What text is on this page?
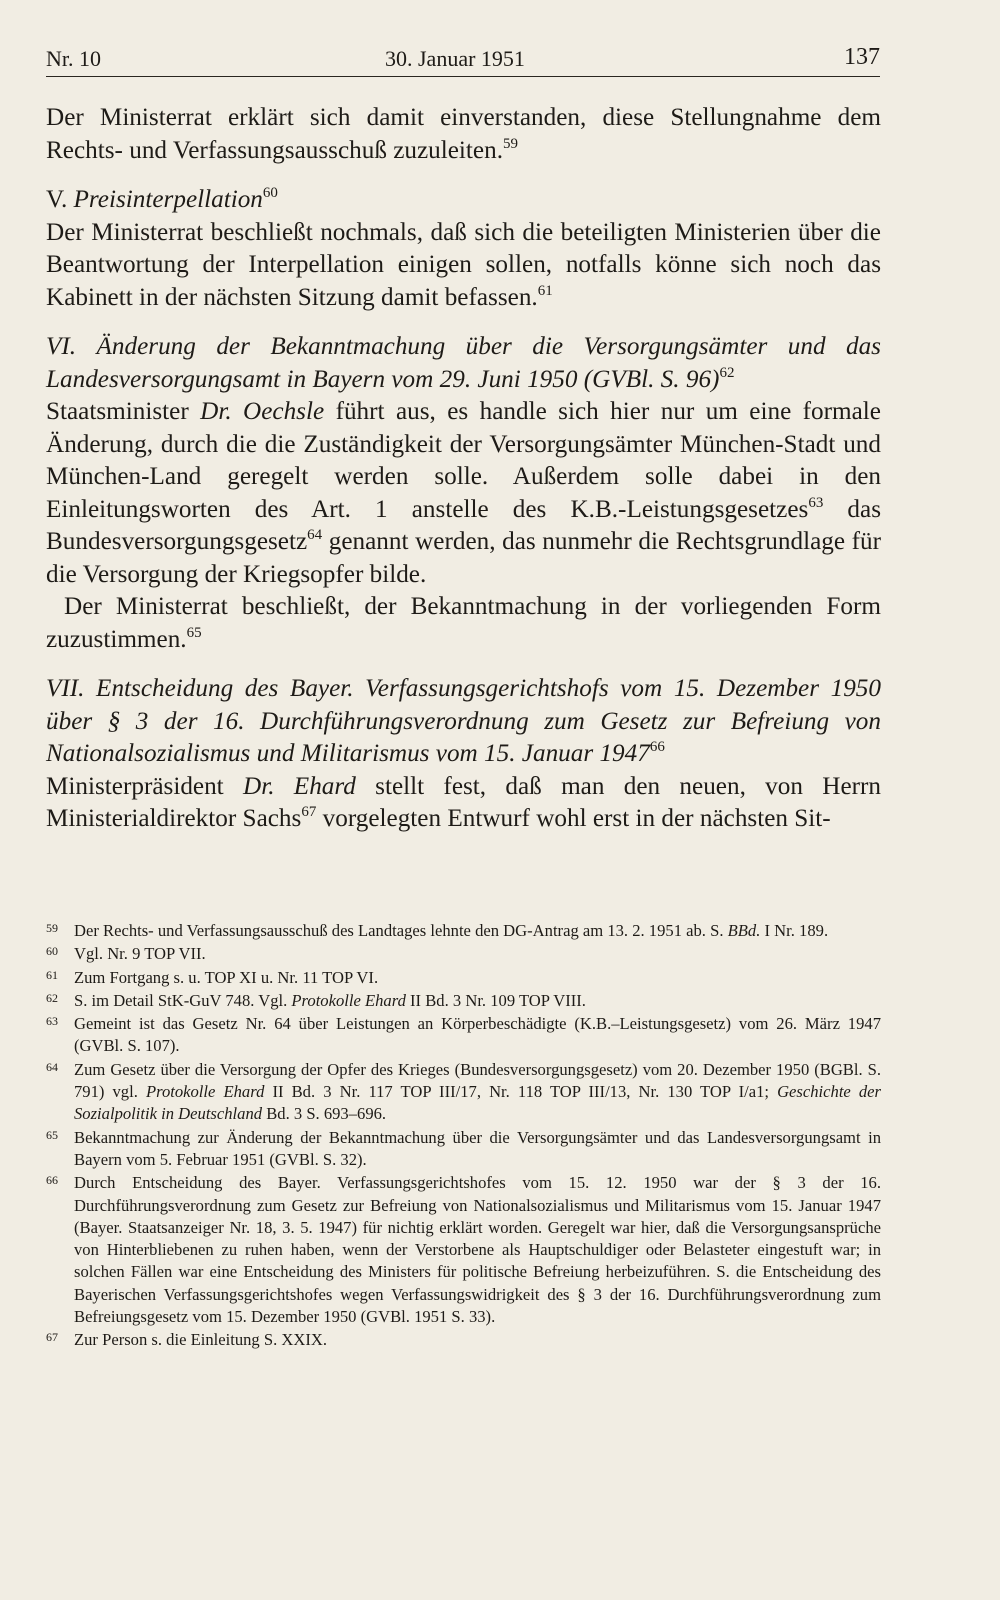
Nr. 10	30. Januar 1951	137

Der Ministerrat erklärt sich damit einverstanden, diese Stellungnahme dem Rechts- und Verfassungsausschuß zuzuleiten.$^{59}$

V. Preisinterpellation$^{60}$

Der Ministerrat beschließt nochmals, daß sich die beteiligten Ministerien über die Beantwortung der Interpellation einigen sollen, notfalls könne sich noch das Kabinett in der nächsten Sitzung damit befassen.$^{61}$

VI. Änderung der Bekanntmachung über die Versorgungsämter und das Landesversorgungsamt in Bayern vom 29. Juni 1950 (GVBl. S. 96)$^{62}$

Staatsminister Dr. Oechsle führt aus, es handle sich hier nur um eine formale Änderung, durch die die Zuständigkeit der Versorgungsämter München-Stadt und München-Land geregelt werden solle. Außerdem solle dabei in den Einleitungsworten des Art. 1 anstelle des K.B.-Leistungsgesetzes$^{63}$ das Bundesversorgungsgesetz$^{64}$ genannt werden, das nunmehr die Rechtsgrundlage für die Versorgung der Kriegsopfer bilde.

Der Ministerrat beschließt, der Bekanntmachung in der vorliegenden Form zuzustimmen.$^{65}$

VII. Entscheidung des Bayer. Verfassungsgerichtshofs vom 15. Dezember 1950 über § 3 der 16. Durchführungsverordnung zum Gesetz zur Befreiung von Nationalsozialismus und Militarismus vom 15. Januar 1947$^{66}$

Ministerpräsident Dr. Ehard stellt fest, daß man den neuen, von Herrn Ministerialdirektor Sachs$^{67}$ vorgelegten Entwurf wohl erst in der nächsten Sit-

59 Der Rechts- und Verfassungsausschuß des Landtages lehnte den DG-Antrag am 13. 2. 1951 ab. S. BBd. I Nr. 189.

60 Vgl. Nr. 9 TOP VII.

61 Zum Fortgang s. u. TOP XI u. Nr. 11 TOP VI.

62 S. im Detail StK-GuV 748. Vgl. Protokolle Ehard II Bd. 3 Nr. 109 TOP VIII.

63 Gemeint ist das Gesetz Nr. 64 über Leistungen an Körperbeschädigte (K.B.–Leistungsgesetz) vom 26. März 1947 (GVBl. S. 107).

64 Zum Gesetz über die Versorgung der Opfer des Krieges (Bundesversorgungsgesetz) vom 20. Dezember 1950 (BGBl. S. 791) vgl. Protokolle Ehard II Bd. 3 Nr. 117 TOP III/17, Nr. 118 TOP III/13, Nr. 130 TOP I/a1; Geschichte der Sozialpolitik in Deutschland Bd. 3 S. 693–696.

65 Bekanntmachung zur Änderung der Bekanntmachung über die Versorgungsämter und das Landesversorgungsamt in Bayern vom 5. Februar 1951 (GVBl. S. 32).

66 Durch Entscheidung des Bayer. Verfassungsgerichtshofes vom 15. 12. 1950 war der § 3 der 16. Durchführungsverordnung zum Gesetz zur Befreiung von Nationalsozialismus und Militarismus vom 15. Januar 1947 (Bayer. Staatsanzeiger Nr. 18, 3. 5. 1947) für nichtig erklärt worden. Geregelt war hier, daß die Versorgungsansprüche von Hinterbliebenen zu ruhen haben, wenn der Verstorbene als Hauptschuldiger oder Belasteter eingestuft war; in solchen Fällen war eine Entscheidung des Ministers für politische Befreiung herbeizuführen. S. die Entscheidung des Bayerischen Verfassungsgerichtshofes wegen Verfassungswidrigkeit des § 3 der 16. Durchführungsverordnung zum Befreiungsgesetz vom 15. Dezember 1950 (GVBl. 1951 S. 33).

67 Zur Person s. die Einleitung S. XXIX.
